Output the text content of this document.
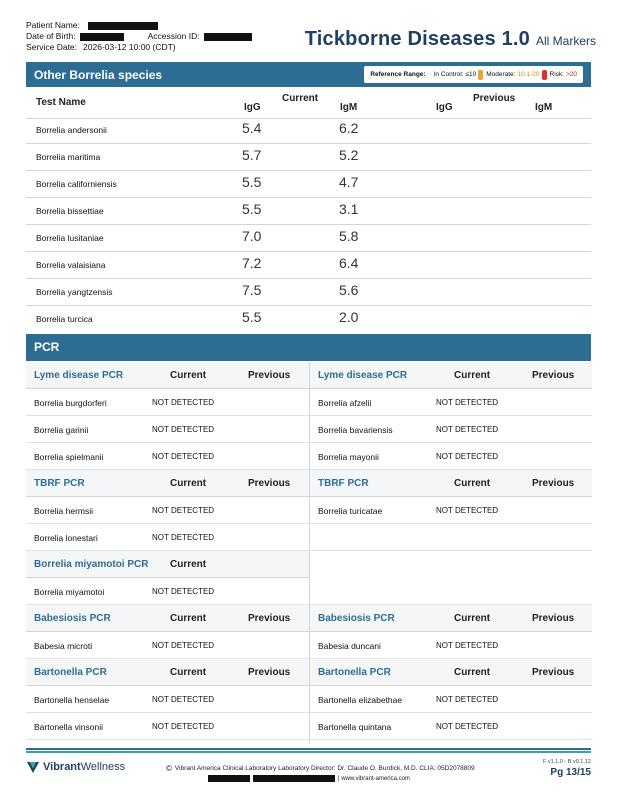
Patient Name:
Date of Birth:	Accession ID:
Service Date: 2026-03-12 10:00 (CDT)	Tickborne Diseases 1.0 All Markers
Other Borrelia species	Reference Range: In Control: ≤10 Moderate: 10.1-20 Risk: >20
Test Name	Current
IgG	IgM
Previous
IgG	IgM
Borrelia andersonii	5.4	6.2
Borrelia maritima	5.7	5.2
Borrelia californiensis	5.5	4.7
Borrelia bissettiae	5.5	3.1
Borrelia lusitaniae	7.0	5.8
Borrelia valaisiana	7.2	6.4
Borrelia yangtzensis	7.5	5.6
Borrelia turcica	5.5	2.0
PCR
Lyme disease PCR	Current	Previous
Borrelia burgdorferi	NOT DETECTED
Borrelia garinii	NOT DETECTED
Borrelia spielmanii	NOT DETECTED
TBRF PCR	Current	Previous
Borrelia hermsii	NOT DETECTED
Borrelia lonestari	NOT DETECTED
Borrelia miyamotoi PCR Current
Borrelia miyamotoi	NOT DETECTED
Babesiosis PCR	Current	Previous
Babesia microti	NOT DETECTED
Bartonella PCR	Current	Previous
Bartonella henselae	NOT DETECTED
Bartonella vinsonii	NOT DETECTED
Lyme disease PCR	Current	Previous
Borrelia afzelii	NOT DETECTED
Borrelia bavariensis	NOT DETECTED
Borrelia mayonii	NOT DETECTED
TBRF PCR	Current	Previous
Borrelia turicatae	NOT DETECTED
Babesiosis PCR	Current	Previous
Babesia duncani	NOT DETECTED
Bartonella PCR	Current	Previous
Bartonella elizabethae	NOT DETECTED
Bartonella quintana	NOT DETECTED
VibrantWellness	© Vibrant America Clinical Laboratory Laboratory Director: Dr. Claude O. Burdick, M.D. CLIA: 05D2078809
| www.vibrant-america.com
F v1.1.0 - B v0.1.12
Pg 13/15
